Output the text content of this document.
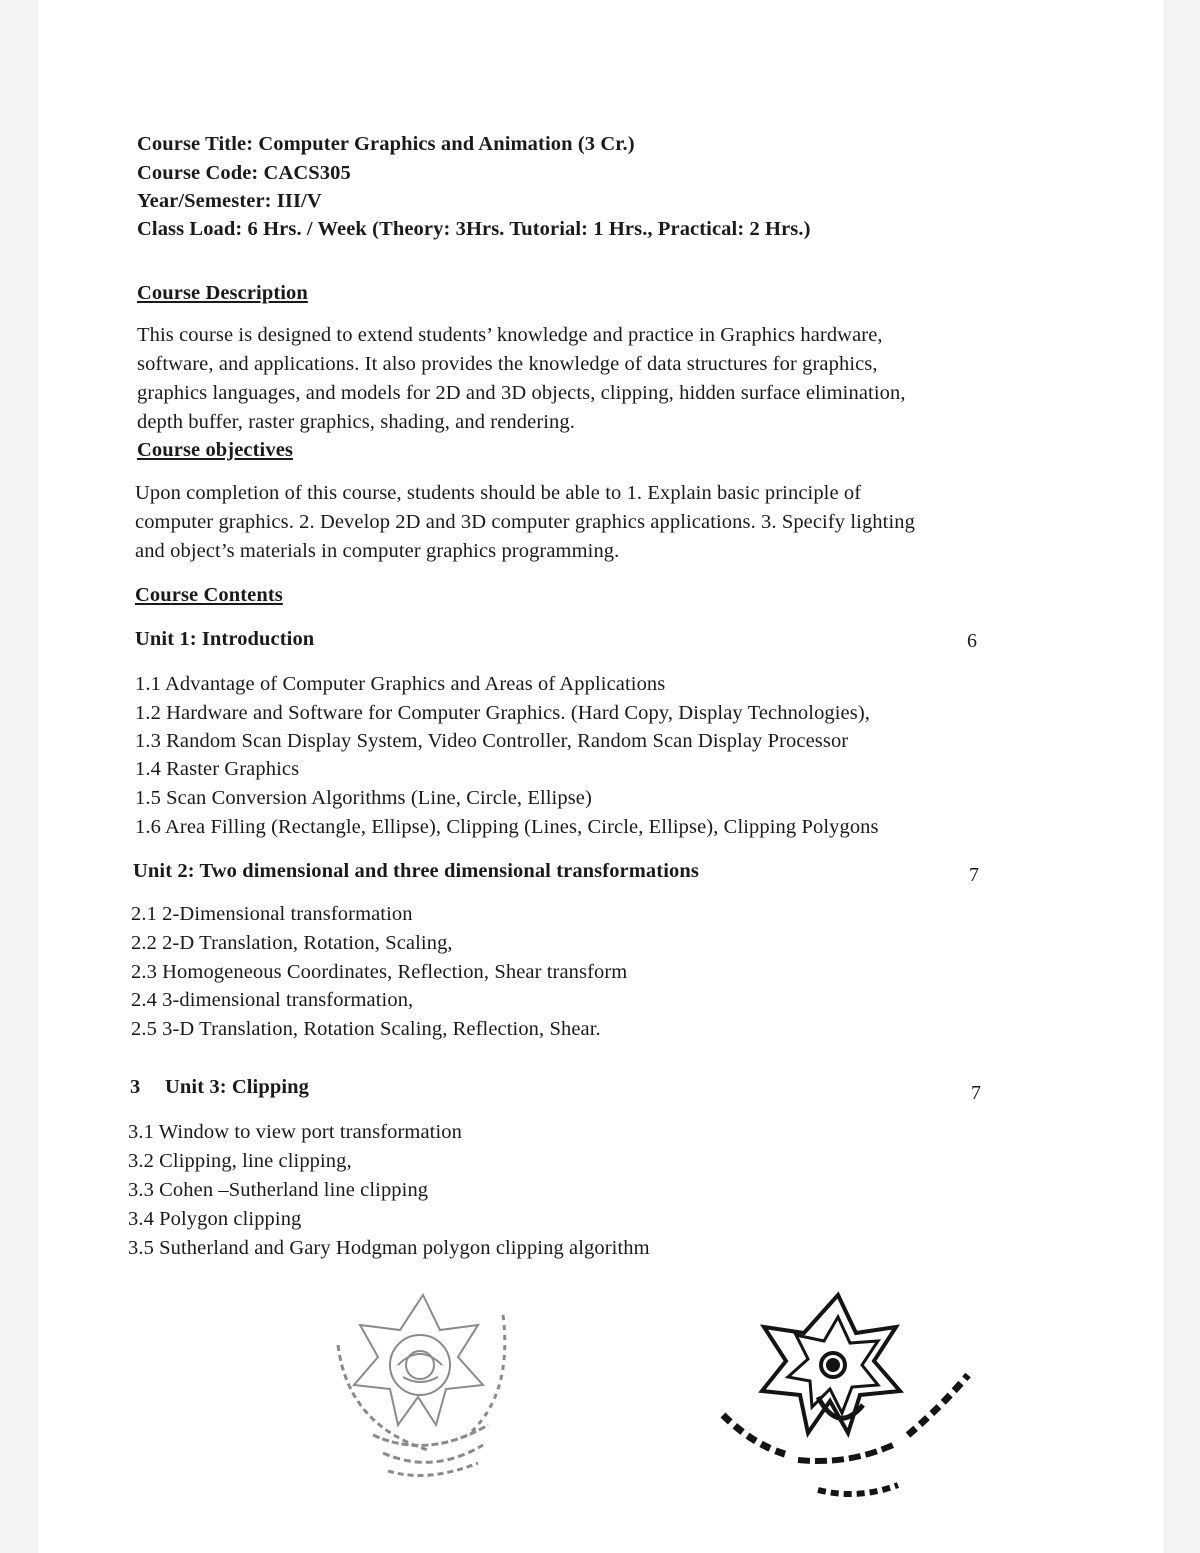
Course Title: Computer Graphics and Animation (3 Cr.)
Course Code: CACS305
Year/Semester: III/V
Class Load: 6 Hrs. / Week (Theory: 3Hrs. Tutorial: 1 Hrs., Practical: 2 Hrs.)
Course Description
This course is designed to extend students’ knowledge and practice in Graphics hardware,
software, and applications. It also provides the knowledge of data structures for graphics,
graphics languages, and models for 2D and 3D objects, clipping, hidden surface elimination,
depth buffer, raster graphics, shading, and rendering.
Course objectives
Upon completion of this course, students should be able to 1. Explain basic principle of
computer graphics. 2. Develop 2D and 3D computer graphics applications. 3. Specify lighting
and object’s materials in computer graphics programming.
Course Contents
Unit 1: Introduction	6
1.1 Advantage of Computer Graphics and Areas of Applications
1.2 Hardware and Software for Computer Graphics. (Hard Copy, Display Technologies),
1.3 Random Scan Display System, Video Controller, Random Scan Display Processor
1.4 Raster Graphics
1.5 Scan Conversion Algorithms (Line, Circle, Ellipse)
1.6 Area Filling (Rectangle, Ellipse), Clipping (Lines, Circle, Ellipse), Clipping Polygons
Unit 2: Two dimensional and three dimensional transformations	7
2.1 2-Dimensional transformation
2.2 2-D Translation, Rotation, Scaling,
2.3 Homogeneous Coordinates, Reflection, Shear transform
2.4 3-dimensional transformation,
2.5 3-D Translation, Rotation Scaling, Reflection, Shear.
3 Unit 3: Clipping	7
3.1 Window to view port transformation
3.2 Clipping, line clipping,
3.3 Cohen –Sutherland line clipping
3.4 Polygon clipping
3.5 Sutherland and Gary Hodgman polygon clipping algorithm
